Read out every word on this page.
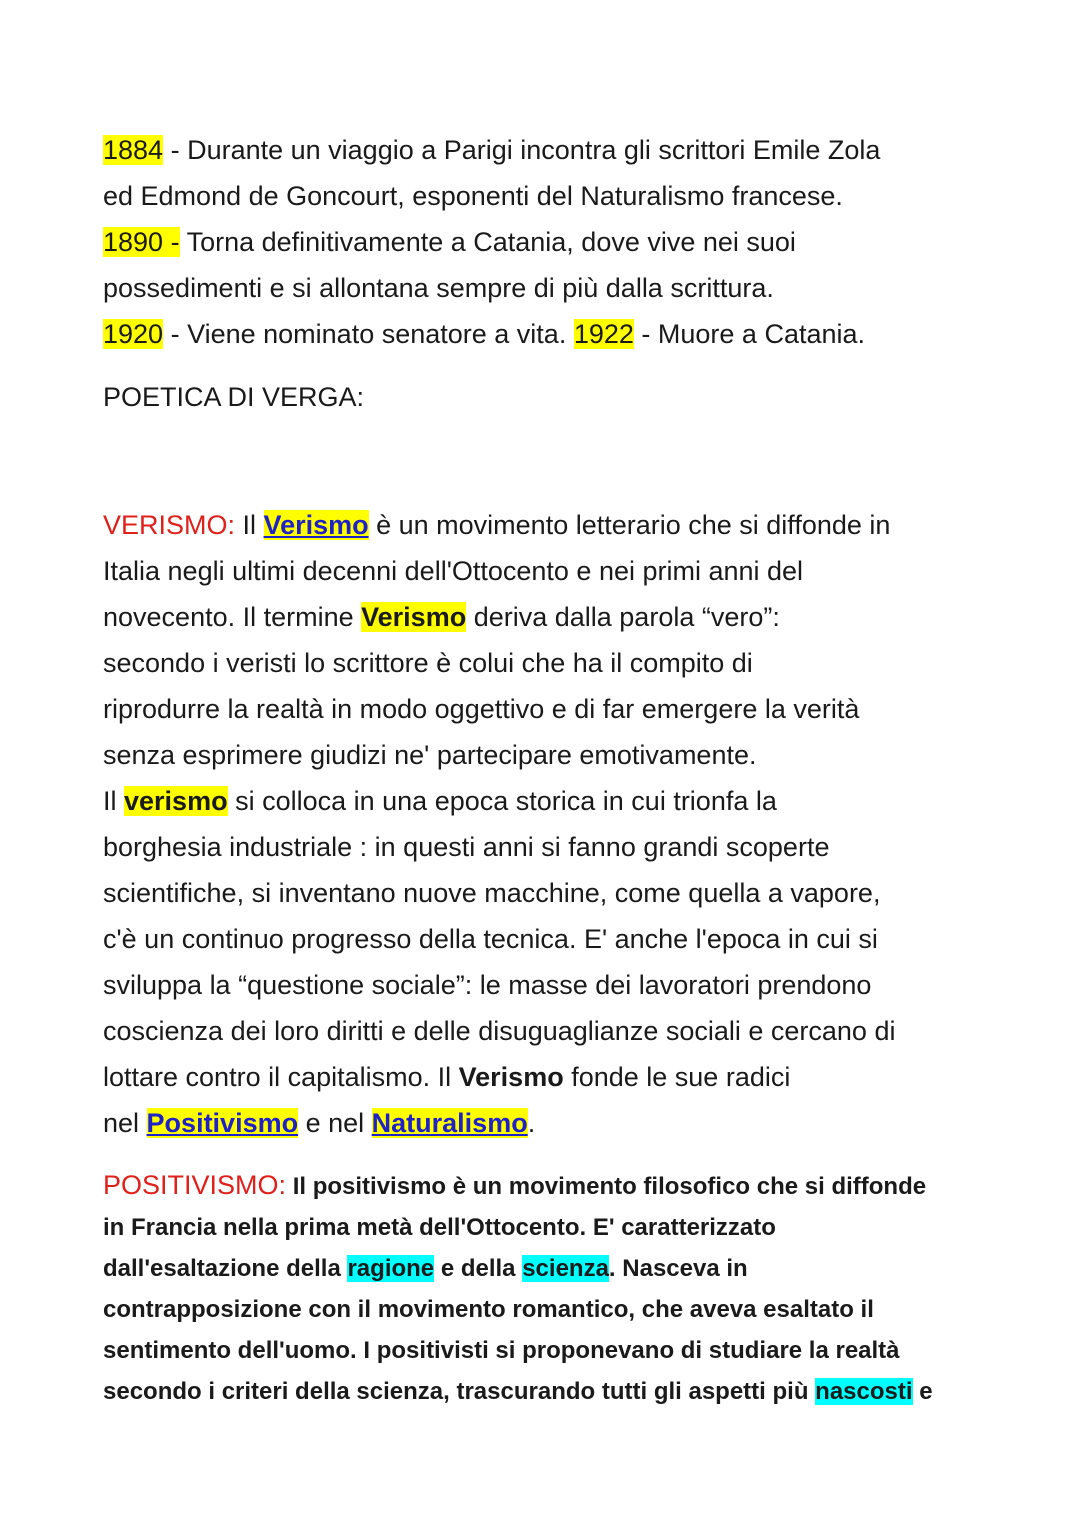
1884 - Durante un viaggio a Parigi incontra gli scrittori Emile Zola
ed Edmond de Goncourt, esponenti del Naturalismo francese.
1890 - Torna definitivamente a Catania, dove vive nei suoi
possedimenti e si allontana sempre di più dalla scrittura.
1920 - Viene nominato senatore a vita. 1922 - Muore a Catania.
POETICA DI VERGA:
VERISMO: Il Verismo è un movimento letterario che si diffonde in
Italia negli ultimi decenni dell'Ottocento e nei primi anni del
novecento. Il termine Verismo deriva dalla parola “vero”:
secondo i veristi lo scrittore è colui che ha il compito di
riprodurre la realtà in modo oggettivo e di far emergere la verità
senza esprimere giudizi ne' partecipare emotivamente.
Il verismo si colloca in una epoca storica in cui trionfa la
borghesia industriale : in questi anni si fanno grandi scoperte
scientifiche, si inventano nuove macchine, come quella a vapore,
c'è un continuo progresso della tecnica. E' anche l'epoca in cui si
sviluppa la “questione sociale”: le masse dei lavoratori prendono
coscienza dei loro diritti e delle disuguaglianze sociali e cercano di
lottare contro il capitalismo. Il Verismo fonde le sue radici
nel Positivismo e nel Naturalismo.
POSITIVISMO: Il positivismo è un movimento filosofico che si diffonde
in Francia nella prima metà dell'Ottocento. E' caratterizzato
dall'esaltazione della ragione e della scienza. Nasceva in
contrapposizione con il movimento romantico, che aveva esaltato il
sentimento dell'uomo. I positivisti si proponevano di studiare la realtà
secondo i criteri della scienza, trascurando tutti gli aspetti più nascosti e
